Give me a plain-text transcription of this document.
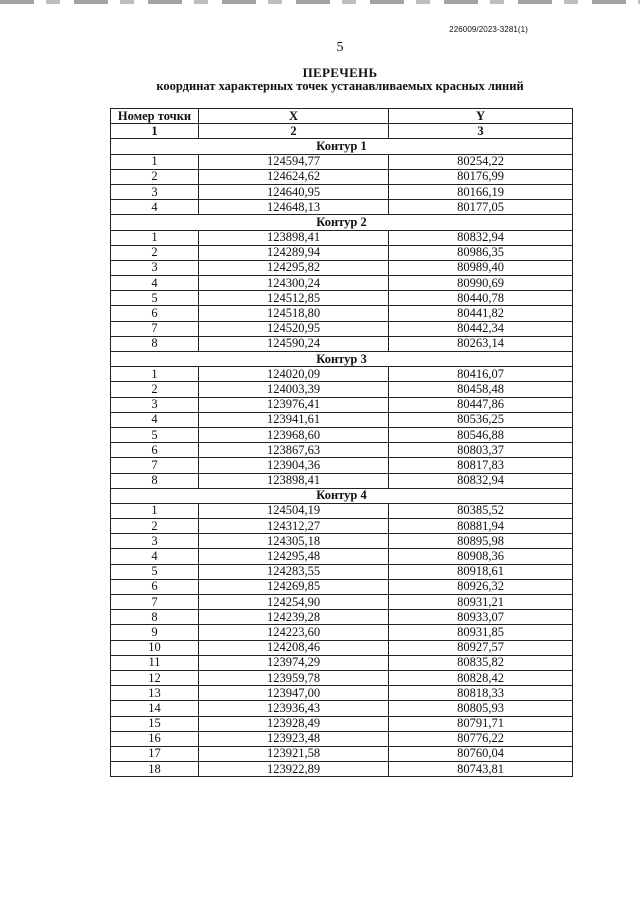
226009/2023-3281(1)
5
ПЕРЕЧЕНЬ
координат характерных точек устанавливаемых красных линий
Номер точки	X	Y
1	2	3
Контур 1		
1	124594,77	80254,22
2	124624,62	80176,99
3	124640,95	80166,19
4	124648,13	80177,05
Контур 2		
1	123898,41	80832,94
2	124289,94	80986,35
3	124295,82	80989,40
4	124300,24	80990,69
5	124512,85	80440,78
6	124518,80	80441,82
7	124520,95	80442,34
8	124590,24	80263,14
Контур 3		
1	124020,09	80416,07
2	124003,39	80458,48
3	123976,41	80447,86
4	123941,61	80536,25
5	123968,60	80546,88
6	123867,63	80803,37
7	123904,36	80817,83
8	123898,41	80832,94
Контур 4		
1	124504,19	80385,52
2	124312,27	80881,94
3	124305,18	80895,98
4	124295,48	80908,36
5	124283,55	80918,61
6	124269,85	80926,32
7	124254,90	80931,21
8	124239,28	80933,07
9	124223,60	80931,85
10	124208,46	80927,57
11	123974,29	80835,82
12	123959,78	80828,42
13	123947,00	80818,33
14	123936,43	80805,93
15	123928,49	80791,71
16	123923,48	80776,22
17	123921,58	80760,04
18	123922,89	80743,81
